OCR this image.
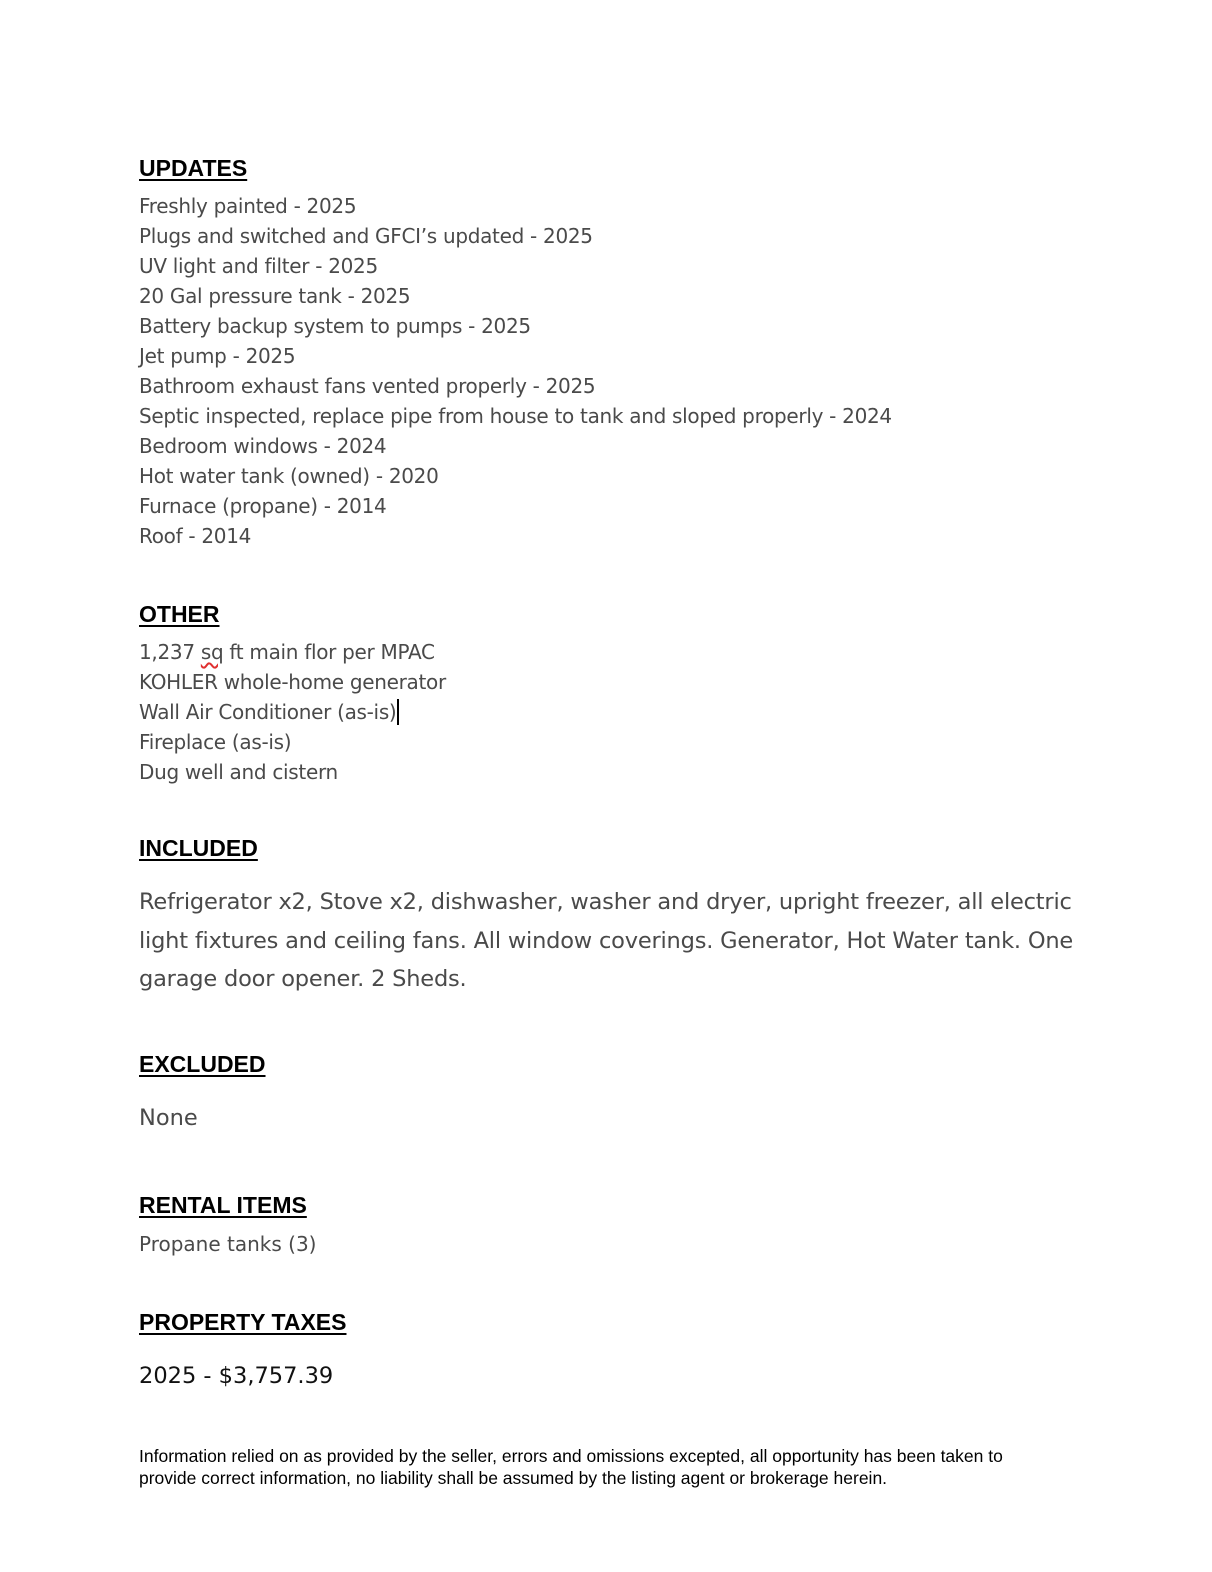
UPDATES
Freshly painted - 2025
Plugs and switched and GFCI’s updated - 2025
UV light and filter - 2025
20 Gal pressure tank - 2025
Battery backup system to pumps - 2025
Jet pump - 2025
Bathroom exhaust fans vented properly - 2025
Septic inspected, replace pipe from house to tank and sloped properly - 2024
Bedroom windows - 2024
Hot water tank (owned) - 2020
Furnace (propane) - 2014
Roof - 2014
OTHER
1,237 sq ft main flor per MPAC
KOHLER whole-home generator
Wall Air Conditioner (as-is)
Fireplace (as-is)
Dug well and cistern
INCLUDED

Refrigerator x2, Stove x2, dishwasher, washer and dryer, upright freezer, all electric light fixtures and ceiling fans. All window coverings. Generator, Hot Water tank. One garage door opener. 2 Sheds.

EXCLUDED

None

RENTAL ITEMS

Propane tanks (3)

PROPERTY TAXES

2025 - $3,757.39

Information relied on as provided by the seller, errors and omissions excepted, all opportunity has been taken to provide correct information, no liability shall be assumed by the listing agent or brokerage herein.
